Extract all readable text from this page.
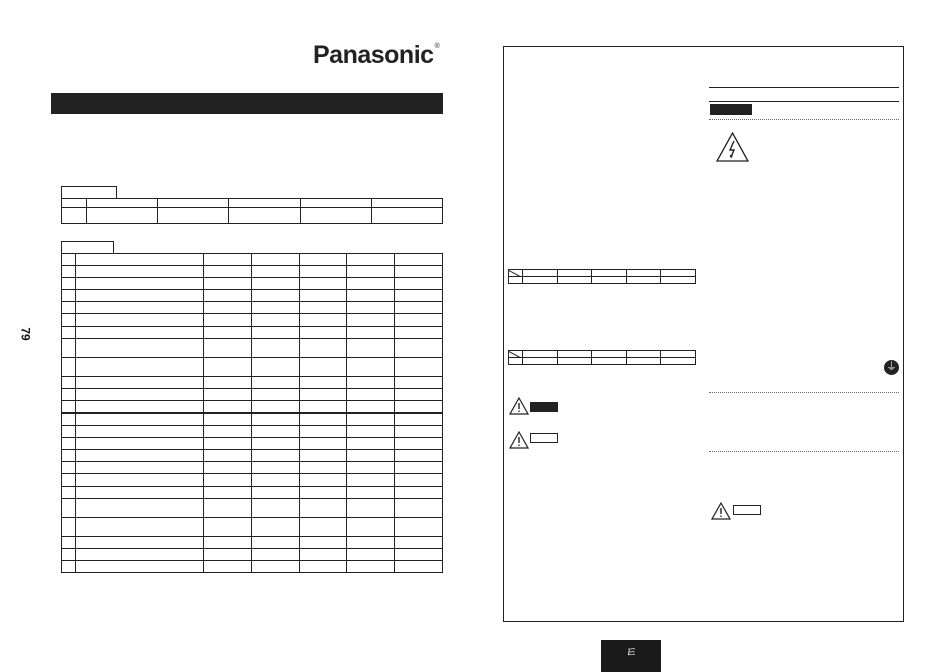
Panasonic®
79

⏚
ヨ
